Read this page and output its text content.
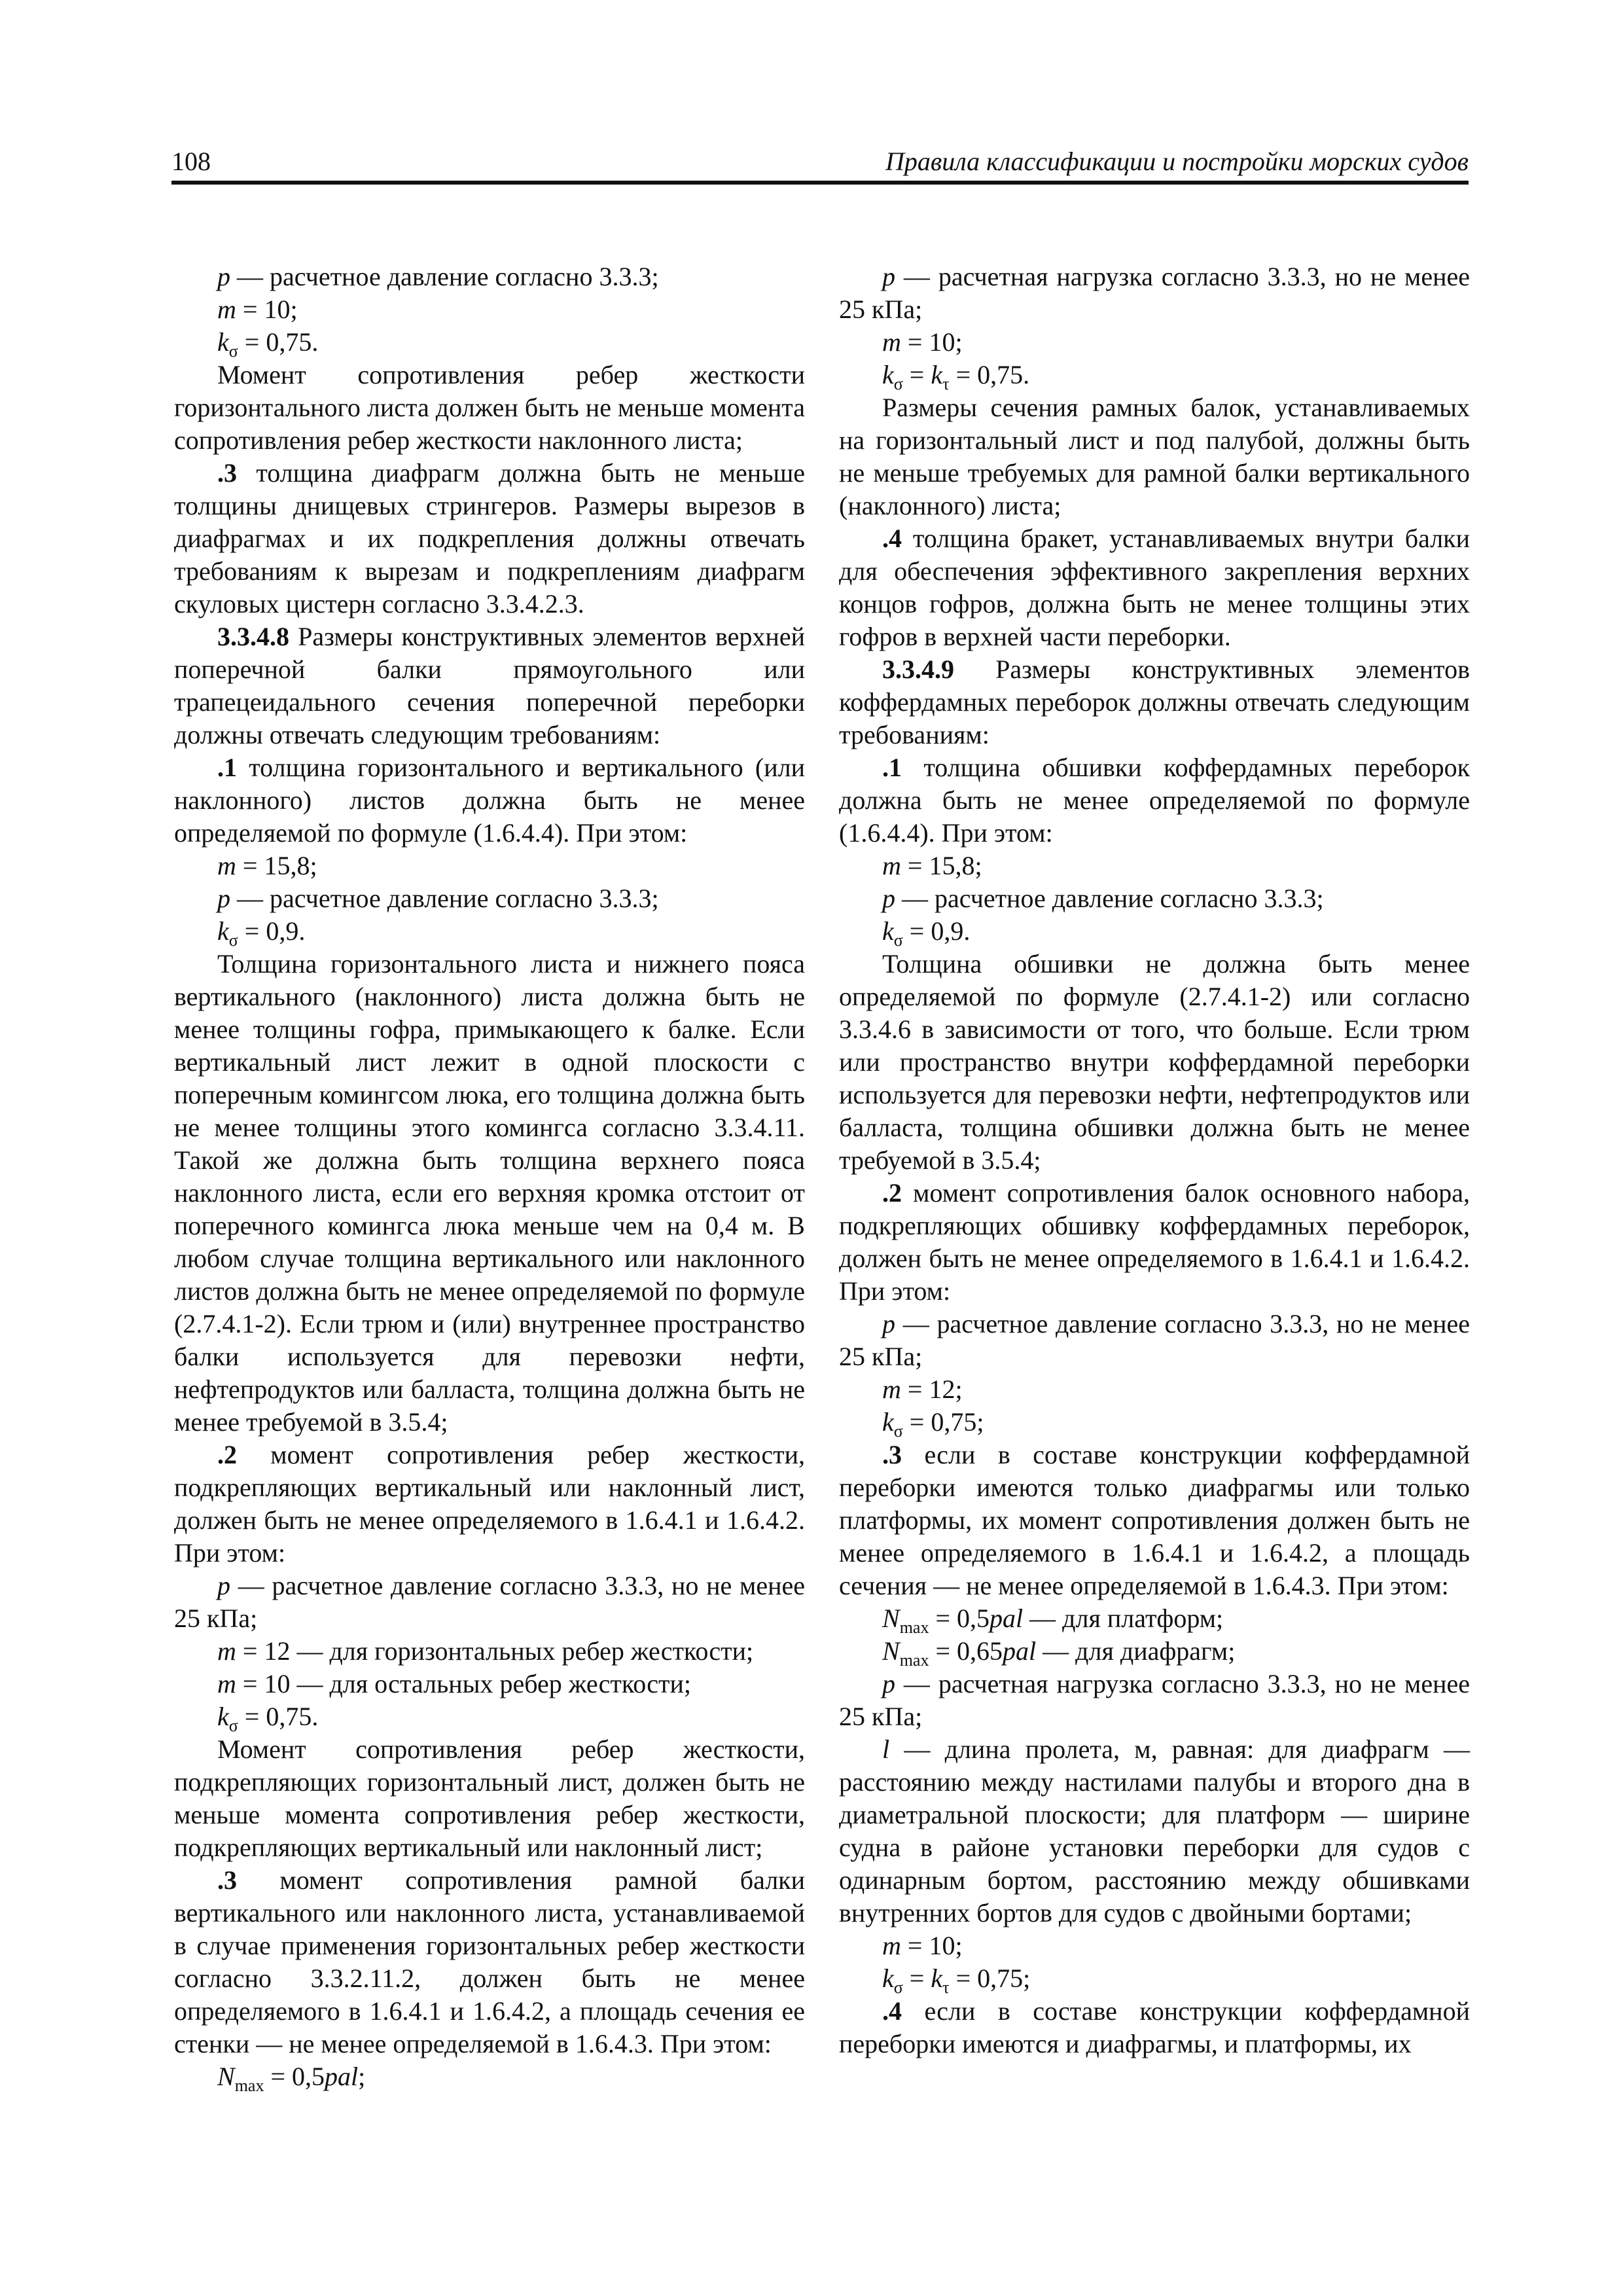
108	Правила классификации и постройки морских судов

p — расчетное давление согласно 3.3.3;

m = 10;

$k_\sigma = 0,75$.

Момент сопротивления ребер жесткости горизонтального листа должен быть не меньше момента сопротивления ребер жесткости наклонного листа;

.3 толщина диафрагм должна быть не меньше толщины днищевых стрингеров. Размеры вырезов в диафрагмах и их подкрепления должны отвечать требованиям к вырезам и подкреплениям диафрагм скуловых цистерн согласно 3.3.4.2.3.

3.3.4.8 Размеры конструктивных элементов верхней поперечной балки прямоугольного или трапецеидального сечения поперечной переборки должны отвечать следующим требованиям:

.1 толщина горизонтального и вертикального (или наклонного) листов должна быть не менее определяемой по формуле (1.6.4.4). При этом:

m = 15,8;

p — расчетное давление согласно 3.3.3;

$k_\sigma = 0,9$.

Толщина горизонтального листа и нижнего пояса вертикального (наклонного) листа должна быть не менее толщины гофра, примыкающего к балке. Если вертикальный лист лежит в одной плоскости с поперечным комингсом люка, его толщина должна быть не менее толщины этого комингса согласно 3.3.4.11. Такой же должна быть толщина верхнего пояса наклонного листа, если его верхняя кромка отстоит от поперечного комингса люка меньше чем на 0,4 м. В любом случае толщина вертикального или наклонного листов должна быть не менее определяемой по формуле (2.7.4.1-2). Если трюм и (или) внутреннее пространство балки используется для перевозки нефти, нефтепродуктов или балласта, толщина должна быть не менее требуемой в 3.5.4;

.2 момент сопротивления ребер жесткости, подкрепляющих вертикальный или наклонный лист, должен быть не менее определяемого в 1.6.4.1 и 1.6.4.2. При этом:

p — расчетное давление согласно 3.3.3, но не менее 25 кПа;

m = 12 — для горизонтальных ребер жесткости;

m = 10 — для остальных ребер жесткости;

$k_\sigma = 0,75$.

Момент сопротивления ребер жесткости, подкрепляющих горизонтальный лист, должен быть не меньше момента сопротивления ребер жесткости, подкрепляющих вертикальный или наклонный лист;

.3 момент сопротивления рамной балки вертикального или наклонного листа, устанавливаемой в случае применения горизонтальных ребер жесткости согласно 3.3.2.11.2, должен быть не менее определяемого в 1.6.4.1 и 1.6.4.2, а площадь сечения ее стенки — не менее определяемой в 1.6.4.3. При этом:

$N_{max} = 0,5pal$;

p — расчетная нагрузка согласно 3.3.3, но не менее 25 кПа;

m = 10;

$k_\sigma = k_\tau = 0,75$.

Размеры сечения рамных балок, устанавливаемых на горизонтальный лист и под палубой, должны быть не меньше требуемых для рамной балки вертикального (наклонного) листа;

.4 толщина бракет, устанавливаемых внутри балки для обеспечения эффективного закрепления верхних концов гофров, должна быть не менее толщины этих гофров в верхней части переборки.

3.3.4.9 Размеры конструктивных элементов коффердамных переборок должны отвечать следующим требованиям:

.1 толщина обшивки коффердамных переборок должна быть не менее определяемой по формуле (1.6.4.4). При этом:

m = 15,8;

p — расчетное давление согласно 3.3.3;

$k_\sigma = 0,9$.

Толщина обшивки не должна быть менее определяемой по формуле (2.7.4.1-2) или согласно 3.3.4.6 в зависимости от того, что больше. Если трюм или пространство внутри коффердамной переборки используется для перевозки нефти, нефтепродуктов или балласта, толщина обшивки должна быть не менее требуемой в 3.5.4;

.2 момент сопротивления балок основного набора, подкрепляющих обшивку коффердамных переборок, должен быть не менее определяемого в 1.6.4.1 и 1.6.4.2. При этом:

p — расчетное давление согласно 3.3.3, но не менее 25 кПа;

m = 12;

$k_\sigma = 0,75$;

.3 если в составе конструкции коффердамной переборки имеются только диафрагмы или только платформы, их момент сопротивления должен быть не менее определяемого в 1.6.4.1 и 1.6.4.2, а площадь сечения — не менее определяемой в 1.6.4.3. При этом:

$N_{max} = 0,5pal$ — для платформ;

$N_{max} = 0,65pal$ — для диафрагм;

p — расчетная нагрузка согласно 3.3.3, но не менее 25 кПа;

l — длина пролета, м, равная: для диафрагм — расстоянию между настилами палубы и второго дна в диаметральной плоскости; для платформ — ширине судна в районе установки переборки для судов с одинарным бортом, расстоянию между обшивками внутренних бортов для судов с двойными бортами;

m = 10;

$k_\sigma = k_\tau = 0,75$;

.4 если в составе конструкции коффердамной переборки имеются и диафрагмы, и платформы, их
